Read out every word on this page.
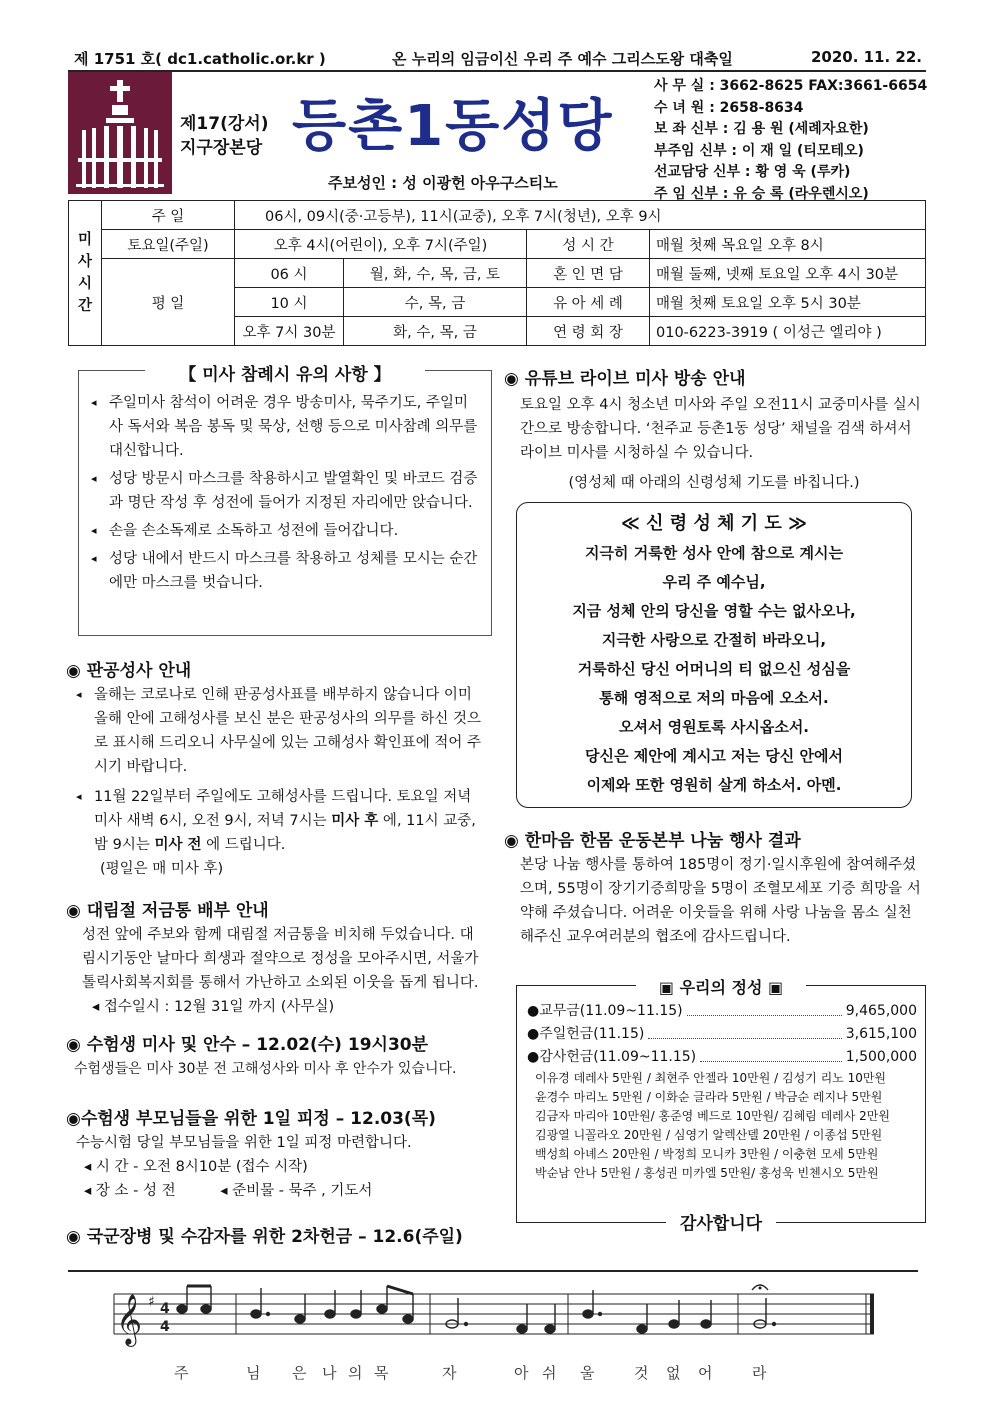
제 1751 호( dc1.catholic.or.kr )	온 누리의 임금이신 우리 주 예수 그리스도왕 대축일	2020. 11. 22.
제17(강서)
지구장본당 등촌1동성당
주보성인 : 성 이광헌 아우구스티노
사 무 실 : 3662-8625 FAX:3661-6654
수 녀 원 : 2658-8634
보 좌 신부 : 김 용 원 (세례자요한)
부주임 신부 : 이 재 일 (티모테오)
선교담당 신부 : 황 영 욱 (루카)
주 임 신부 : 유 승 록 (라우렌시오)
미사시간	주 일	06시, 09시(중·고등부), 11시(교중), 오후 7시(청년), 오후 9시			
	토요일(주일)	오후 4시(어린이), 오후 7시(주일)		성 시 간	매월 첫째 목요일 오후 8시
	평 일	06 시	월, 화, 수, 목, 금, 토	혼 인 면 담	매월 둘째, 넷째 토요일 오후 4시 30분
		10 시	수, 목, 금	유 아 세 례	매월 첫째 토요일 오후 5시 30분
		오후 7시 30분	화, 수, 목, 금	연 령 회 장	010-6223-3919 ( 이성근 엘리야 )
【 미사 참례시 유의 사항 】
◂ 주일미사 참석이 어려운 경우 방송미사, 묵주기도, 주일미사 독서와 복음 봉독 및 묵상, 선행 등으로 미사참례 의무를 대신합니다.
◂ 성당 방문시 마스크를 착용하시고 발열확인 및 바코드 검증과 명단 작성 후 성전에 들어가 지정된 자리에만 앉습니다.
◂ 손을 손소독제로 소독하고 성전에 들어갑니다.
◂ 성당 내에서 반드시 마스크를 착용하고 성체를 모시는 순간에만 마스크를 벗습니다.
◉ 판공성사 안내
◂ 올해는 코로나로 인해 판공성사표를 배부하지 않습니다 이미 올해 안에 고해성사를 보신 분은 판공성사의 의무를 하신 것으로 표시해 드리오니 사무실에 있는 고해성사 확인표에 적어 주시기 바랍니다.
◂ 11월 22일부터 주일에도 고해성사를 드립니다. 토요일 저녁 미사 새벽 6시, 오전 9시, 저녁 7시는 미사 후 에, 11시 교중, 밤 9시는 미사 전 에 드립니다.
(평일은 매 미사 후)
◉ 대림절 저금통 배부 안내
성전 앞에 주보와 함께 대림절 저금통을 비치해 두었습니다. 대림시기동안 날마다 희생과 절약으로 정성을 모아주시면, 서울가톨릭사회복지회를 통해서 가난하고 소외된 이웃을 돕게 됩니다. ◂ 접수일시 : 12월 31일 까지 (사무실)
◉ 수험생 미사 및 안수 – 12.02(수) 19시30분
수험생들은 미사 30분 전 고해성사와 미사 후 안수가 있습니다.
◉수험생 부모님들을 위한 1일 피정 – 12.03(목)
수능시험 당일 부모님들을 위한 1일 피정 마련합니다.
◂ 시 간 - 오전 8시10분 (접수 시작)
◂ 장 소 - 성 전	◂ 준비물 - 묵주 , 기도서
◉ 국군장병 및 수감자를 위한 2차헌금 – 12.6(주일)
◉ 유튜브 라이브 미사 방송 안내
토요일 오후 4시 청소년 미사와 주일 오전11시 교중미사를 실시간으로 방송합니다. ‘천주교 등촌1동 성당’ 채널을 검색 하셔서 라이브 미사를 시청하실 수 있습니다.
(영성체 때 아래의 신령성체 기도를 바칩니다.)
≪ 신 령 성 체 기 도 ≫
지극히 거룩한 성사 안에 참으로 계시는
우리 주 예수님,
지금 성체 안의 당신을 영할 수는 없사오나,
지극한 사랑으로 간절히 바라오니,
거룩하신 당신 어머니의 티 없으신 성심을
통해 영적으로 저의 마음에 오소서.
오셔서 영원토록 사시옵소서.
당신은 제안에 계시고 저는 당신 안에서
이제와 또한 영원히 살게 하소서. 아멘.
◉ 한마음 한몸 운동본부 나눔 행사 결과
본당 나눔 행사를 통하여 185명이 정기·일시후원에 참여해주셨으며, 55명이 장기기증희망을 5명이 조혈모세포 기증 희망을 서약해 주셨습니다. 어려운 이웃들을 위해 사랑 나눔을 몸소 실천해주신 교우여러분의 협조에 감사드립니다.
▣ 우리의 정성 ▣
●교무금(11.09~11.15)	9,465,000
●주일헌금(11.15)	3,615,100
●감사헌금(11.09~11.15)	1,500,000
이유경 데레사 5만원 / 최현주 안젤라 10만원 / 김성기 리노 10만원
윤경수 마리노 5만원 / 이화순 글라라 5만원 / 박금순 레지나 5만원
김금자 마리아 10만원/ 홍준영 베드로 10만원/ 김혜림 데레사 2만원
김광열 니꼴라오 20만원 / 심영기 알렉산델 20만원 / 이종섭 5만원
백성희 아녜스 20만원 / 박정희 모니카 3만원 / 이충현 모세 5만원
박순남 안나 5만원 / 홍성권 미카엘 5만원/ 홍성욱 빈첸시오 5만원
감사합니다
𝄞 ♯ 4
4
주	님 은 나 의 목	자	아 쉬 울	것 없 어	라
